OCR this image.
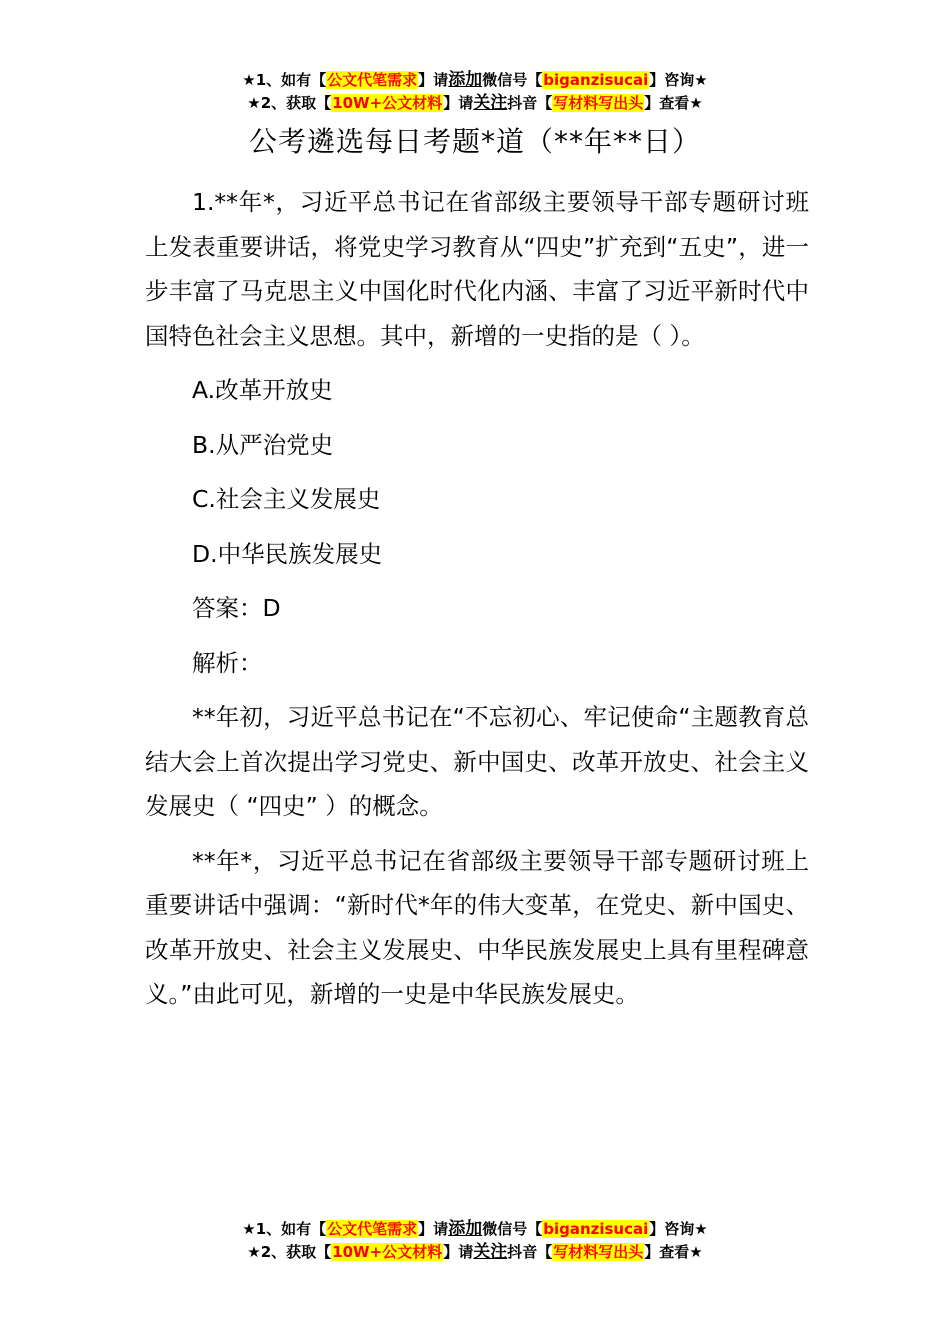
★1、如有【公文代笔需求】请添加微信号【biganzisucai】咨询★
★2、获取【10W+公文材料】请关注抖音【写材料写出头】查看★
公考遴选每日考题*道（**年**日）

1.**年*，习近平总书记在省部级主要领导干部专题研讨班上发表重要讲话，将党史学习教育从“四史”扩充到“五史”，进一步丰富了马克思主义中国化时代化内涵、丰富了习近平新时代中国特色社会主义思想。其中，新增的一史指的是（ ）。

A.改革开放史

B.从严治党史

C.社会主义发展史

D.中华民族发展史

答案：D

解析：

**年初，习近平总书记在“不忘初心、牢记使命“主题教育总结大会上首次提出学习党史、新中国史、改革开放史、社会主义发展史（ “四史” ）的概念。

**年*，习近平总书记在省部级主要领导干部专题研讨班上重要讲话中强调：“新时代*年的伟大变革，在党史、新中国史、改革开放史、社会主义发展史、中华民族发展史上具有里程碑意义。”由此可见，新增的一史是中华民族发展史。

★1、如有【公文代笔需求】请添加微信号【biganzisucai】咨询★
★2、获取【10W+公文材料】请关注抖音【写材料写出头】查看★
